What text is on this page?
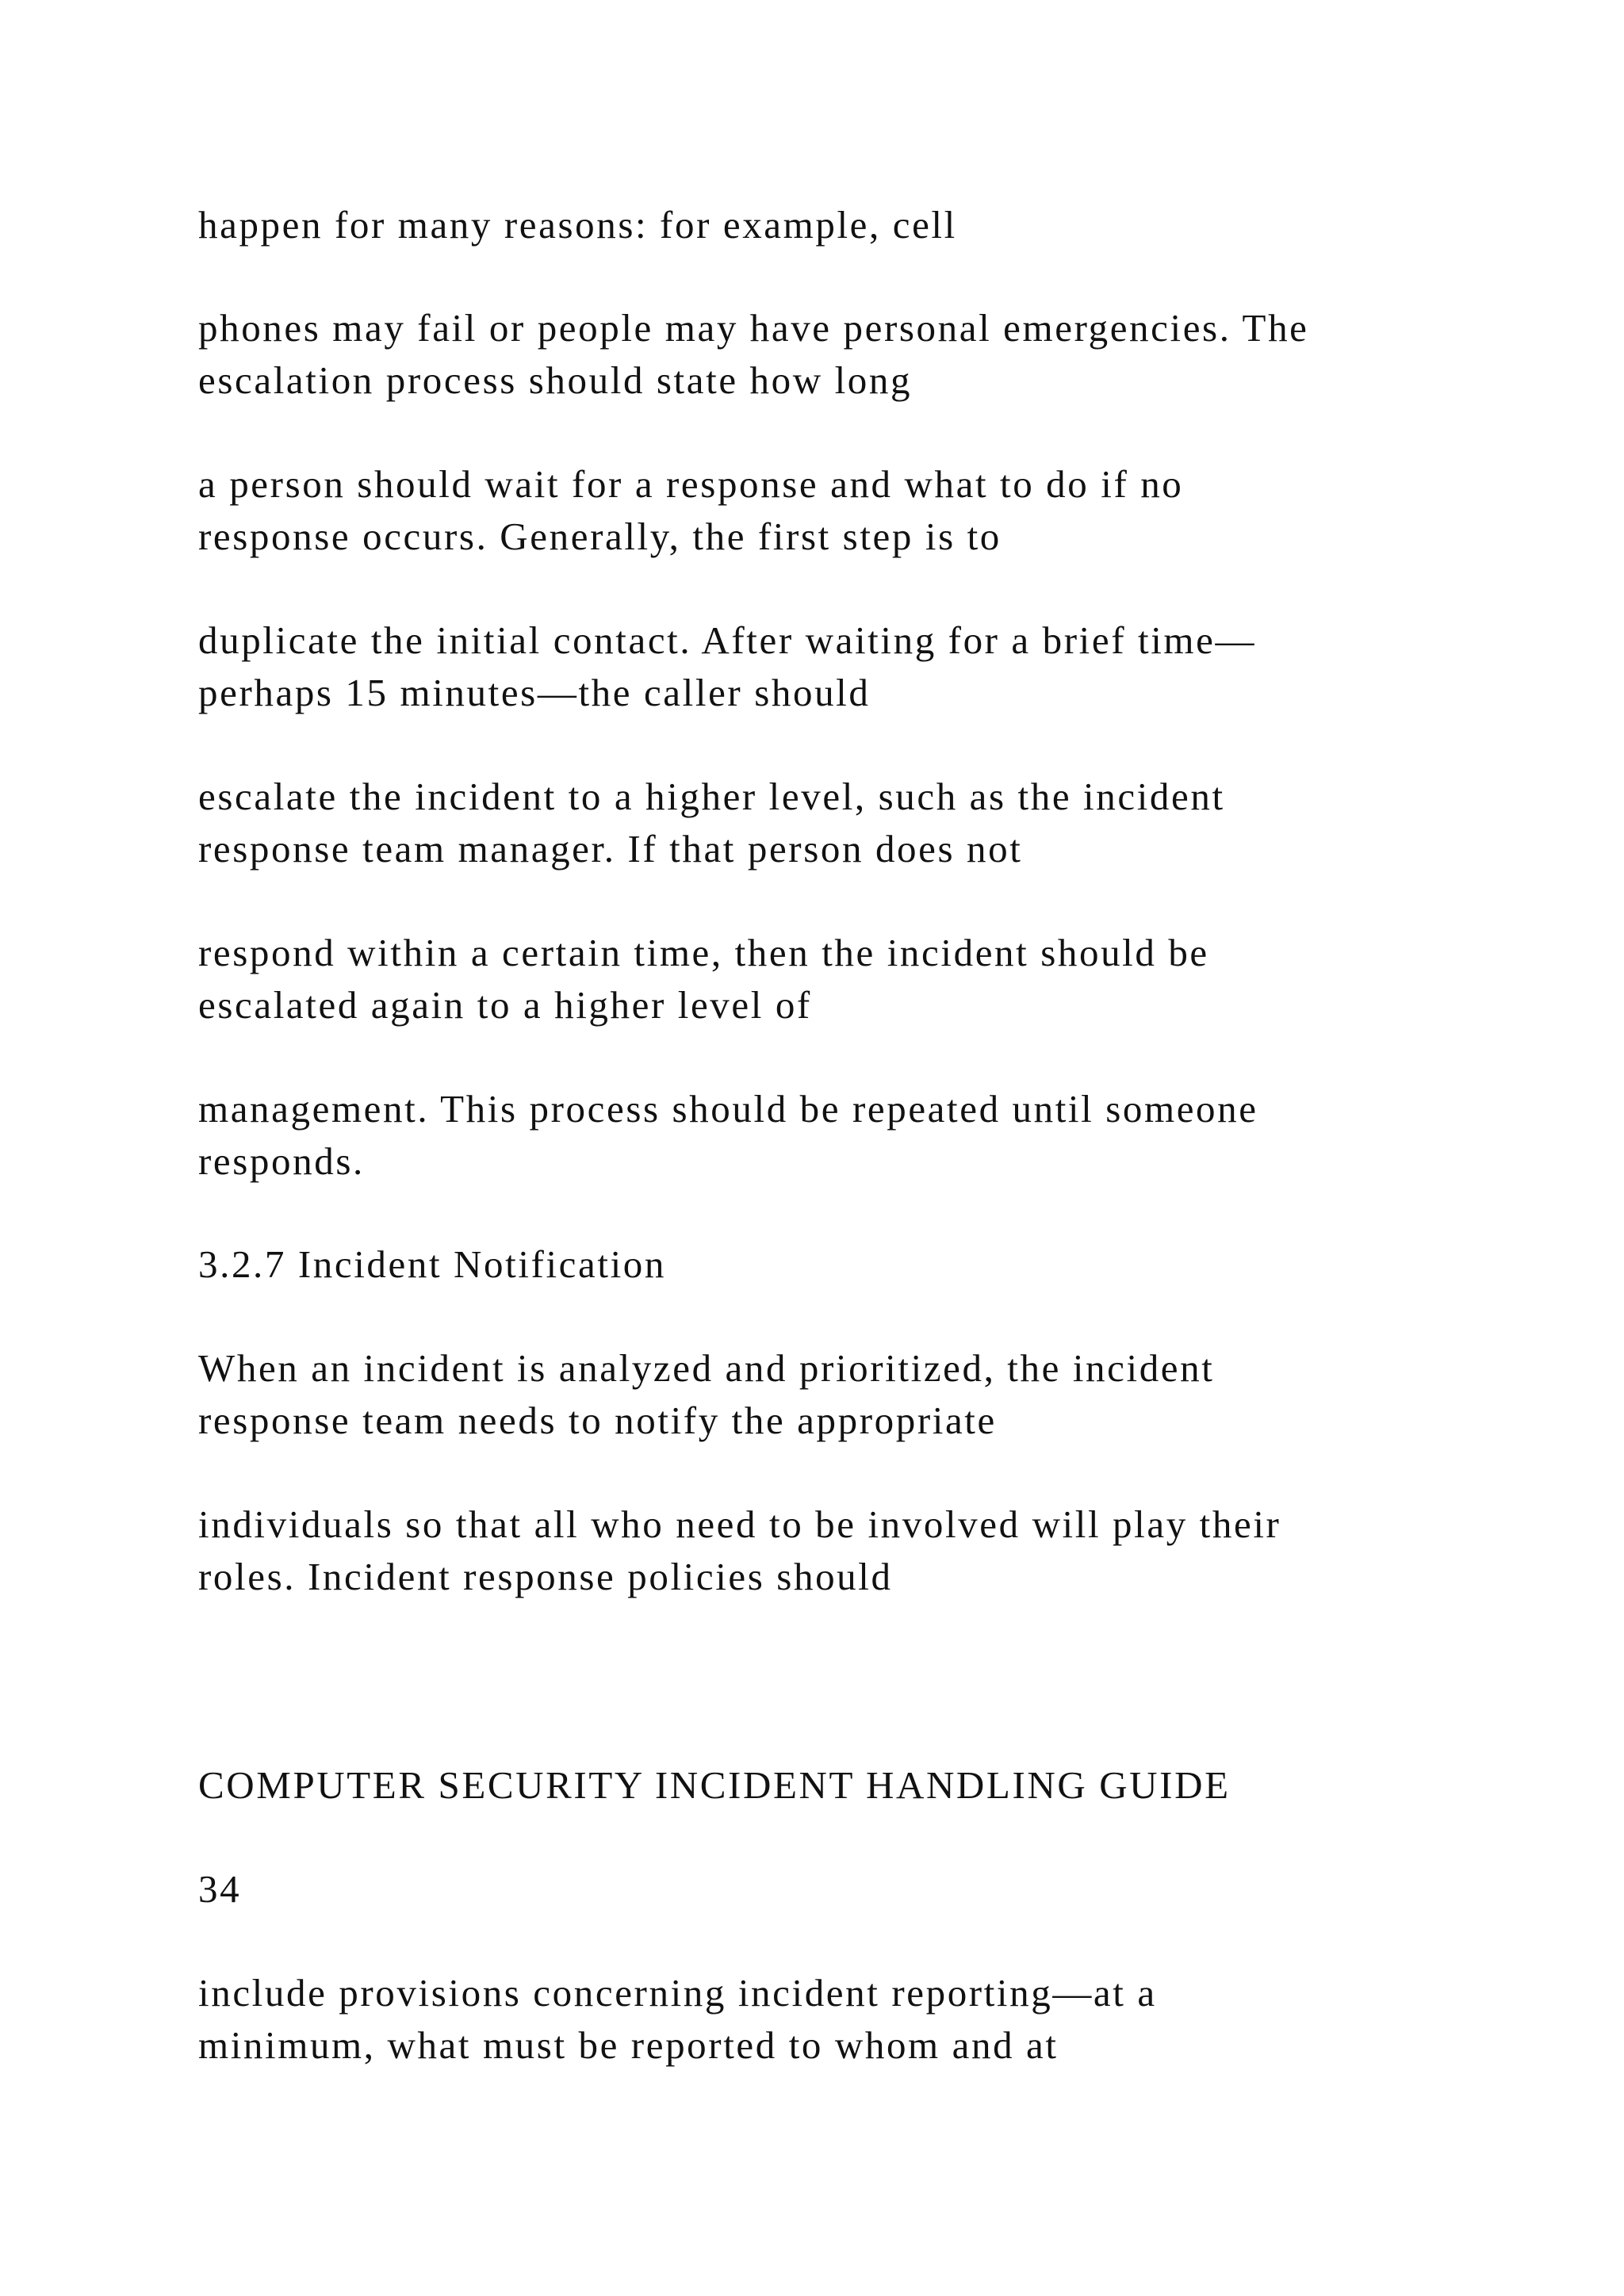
happen for many reasons: for example, cell

phones may fail or people may have personal emergencies. The

escalation process should state how long

a person should wait for a response and what to do if no

response occurs. Generally, the first step is to

duplicate the initial contact. After waiting for a brief time—

perhaps 15 minutes—the caller should

escalate the incident to a higher level, such as the incident

response team manager. If that person does not

respond within a certain time, then the incident should be

escalated again to a higher level of

management. This process should be repeated until someone

responds.

3.2.7 Incident Notification

When an incident is analyzed and prioritized, the incident

response team needs to notify the appropriate

individuals so that all who need to be involved will play their

roles. Incident response policies should

COMPUTER SECURITY INCIDENT HANDLING GUIDE

34

include provisions concerning incident reporting—at a

minimum, what must be reported to whom and at
